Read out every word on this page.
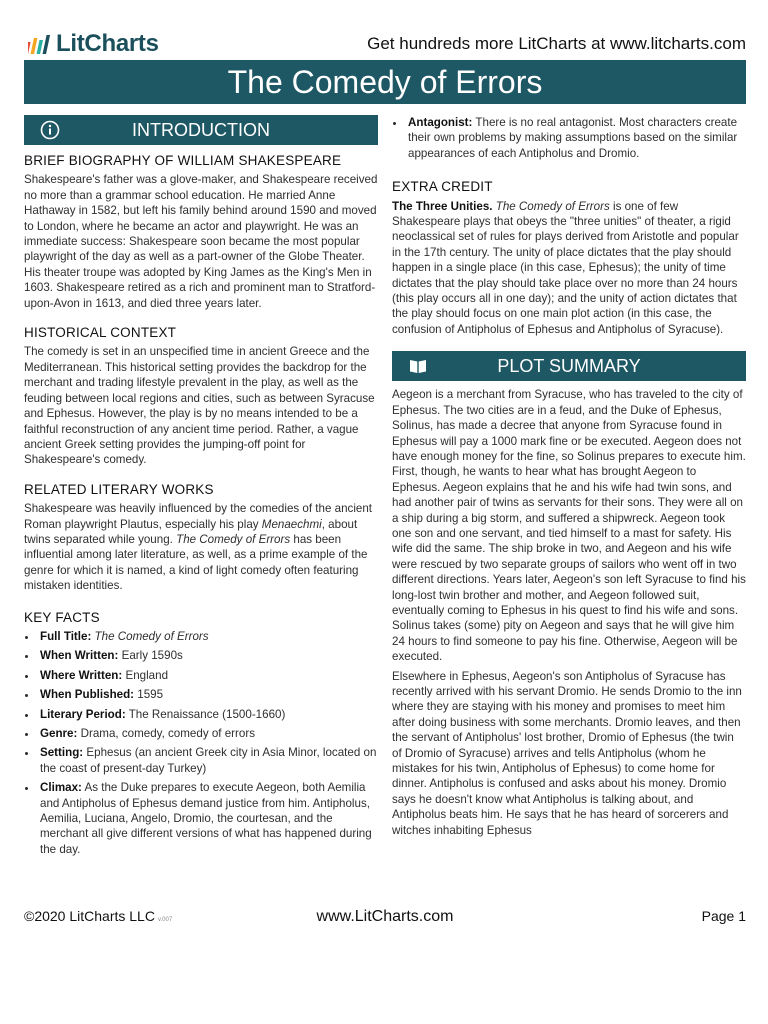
LitCharts	Get hundreds more LitCharts at www.litcharts.com
The Comedy of Errors
INTRODUCTION
BRIEF BIOGRAPHY OF WILLIAM SHAKESPEARE

Shakespeare's father was a glove-maker, and Shakespeare received no more than a grammar school education. He married Anne Hathaway in 1582, but left his family behind around 1590 and moved to London, where he became an actor and playwright. He was an immediate success: Shakespeare soon became the most popular playwright of the day as well as a part-owner of the Globe Theater. His theater troupe was adopted by King James as the King's Men in 1603. Shakespeare retired as a rich and prominent man to Stratford-upon-Avon in 1613, and died three years later.

HISTORICAL CONTEXT

The comedy is set in an unspecified time in ancient Greece and the Mediterranean. This historical setting provides the backdrop for the merchant and trading lifestyle prevalent in the play, as well as the feuding between local regions and cities, such as between Syracuse and Ephesus. However, the play is by no means intended to be a faithful reconstruction of any ancient time period. Rather, a vague ancient Greek setting provides the jumping-off point for Shakespeare's comedy.

RELATED LITERARY WORKS

Shakespeare was heavily influenced by the comedies of the ancient Roman playwright Plautus, especially his play Menaechmi, about twins separated while young. The Comedy of Errors has been influential among later literature, as well, as a prime example of the genre for which it is named, a kind of light comedy often featuring mistaken identities.

KEY FACTS
• Full Title: The Comedy of Errors
• When Written: Early 1590s
• Where Written: England
• When Published: 1595
• Literary Period: The Renaissance (1500-1660)
• Genre: Drama, comedy, comedy of errors
• Setting: Ephesus (an ancient Greek city in Asia Minor, located on the coast of present-day Turkey)
• Climax: As the Duke prepares to execute Aegeon, both Aemilia and Antipholus of Ephesus demand justice from him. Antipholus, Aemilia, Luciana, Angelo, Dromio, the courtesan, and the merchant all give different versions of what has happened during the day.
• Antagonist: There is no real antagonist. Most characters create their own problems by making assumptions based on the similar appearances of each Antipholus and Dromio.
EXTRA CREDIT

The Three Unities. The Comedy of Errors is one of few Shakespeare plays that obeys the "three unities" of theater, a rigid neoclassical set of rules for plays derived from Aristotle and popular in the 17th century. The unity of place dictates that the play should happen in a single place (in this case, Ephesus); the unity of time dictates that the play should take place over no more than 24 hours (this play occurs all in one day); and the unity of action dictates that the play should focus on one main plot action (in this case, the confusion of Antipholus of Ephesus and Antipholus of Syracuse).

PLOT SUMMARY

Aegeon is a merchant from Syracuse, who has traveled to the city of Ephesus. The two cities are in a feud, and the Duke of Ephesus, Solinus, has made a decree that anyone from Syracuse found in Ephesus will pay a 1000 mark fine or be executed. Aegeon does not have enough money for the fine, so Solinus prepares to execute him. First, though, he wants to hear what has brought Aegeon to Ephesus. Aegeon explains that he and his wife had twin sons, and had another pair of twins as servants for their sons. They were all on a ship during a big storm, and suffered a shipwreck. Aegeon took one son and one servant, and tied himself to a mast for safety. His wife did the same. The ship broke in two, and Aegeon and his wife were rescued by two separate groups of sailors who went off in two different directions. Years later, Aegeon's son left Syracuse to find his long-lost twin brother and mother, and Aegeon followed suit, eventually coming to Ephesus in his quest to find his wife and sons. Solinus takes (some) pity on Aegeon and says that he will give him 24 hours to find someone to pay his fine. Otherwise, Aegeon will be executed.

Elsewhere in Ephesus, Aegeon's son Antipholus of Syracuse has recently arrived with his servant Dromio. He sends Dromio to the inn where they are staying with his money and promises to meet him after doing business with some merchants. Dromio leaves, and then the servant of Antipholus' lost brother, Dromio of Ephesus (the twin of Dromio of Syracuse) arrives and tells Antipholus (whom he mistakes for his twin, Antipholus of Ephesus) to come home for dinner. Antipholus is confused and asks about his money. Dromio says he doesn't know what Antipholus is talking about, and Antipholus beats him. He says that he has heard of sorcerers and witches inhabiting Ephesus

©2020 LitCharts LLC v.007	www.LitCharts.com	Page 1
